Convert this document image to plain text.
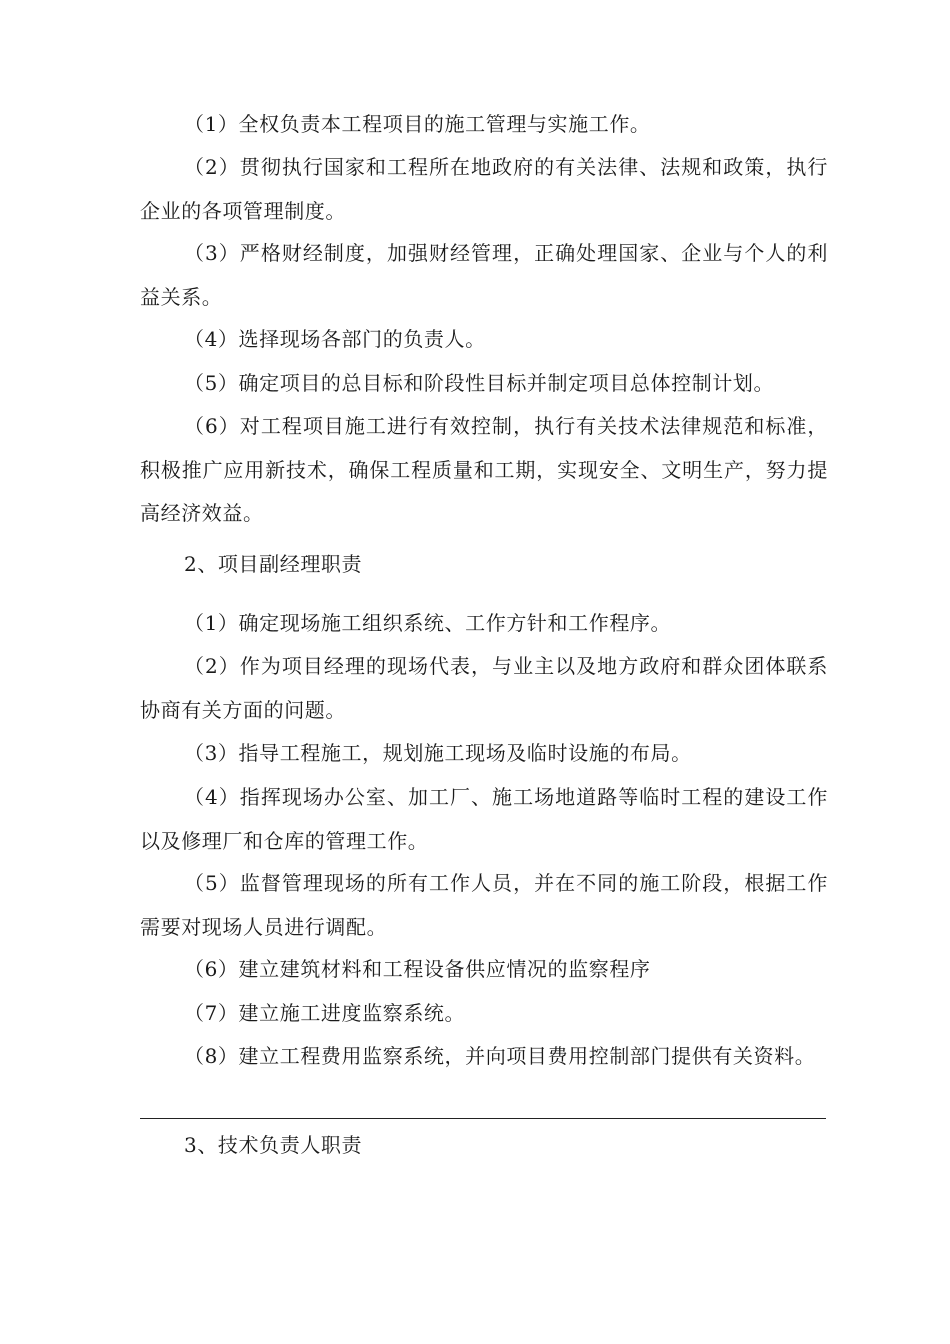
（1）全权负责本工程项目的施工管理与实施工作。

（2）贯彻执行国家和工程所在地政府的有关法律、法规和政策，执行企业的各项管理制度。

（3）严格财经制度，加强财经管理，正确处理国家、企业与个人的利益关系。

（4）选择现场各部门的负责人。

（5）确定项目的总目标和阶段性目标并制定项目总体控制计划。

（6）对工程项目施工进行有效控制，执行有关技术法律规范和标准，积极推广应用新技术，确保工程质量和工期，实现安全、文明生产，努力提高经济效益。

2、项目副经理职责

（1）确定现场施工组织系统、工作方针和工作程序。

（2）作为项目经理的现场代表，与业主以及地方政府和群众团体联系协商有关方面的问题。

（3）指导工程施工，规划施工现场及临时设施的布局。

（4）指挥现场办公室、加工厂、施工场地道路等临时工程的建设工作以及修理厂和仓库的管理工作。

（5）监督管理现场的所有工作人员，并在不同的施工阶段，根据工作需要对现场人员进行调配。

（6）建立建筑材料和工程设备供应情况的监察程序

（7）建立施工进度监察系统。

（8）建立工程费用监察系统，并向项目费用控制部门提供有关资料。

3、技术负责人职责
